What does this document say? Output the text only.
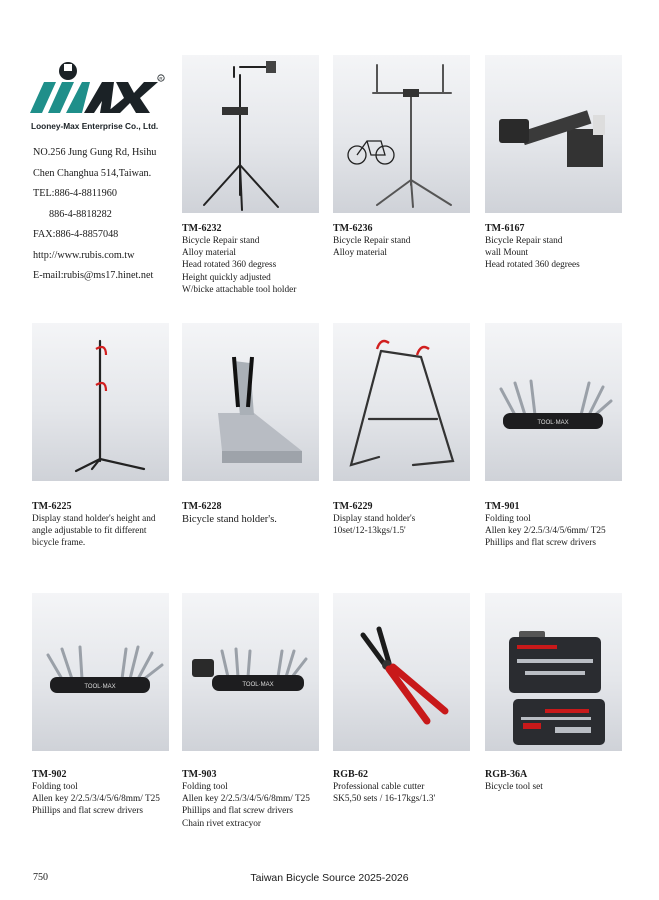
R
Looney-Max Enterprise Co., Ltd.
NO.256 Jung Gung Rd, Hsihu
Chen Changhua 514,Taiwan.
TEL:886-4-8811960
886-4-8818282
FAX:886-4-8857048
http://www.rubis.com.tw
E-mail:rubis@ms17.hinet.net
TM-6232
Bicycle Repair stand
Alloy material
Head rotated 360 degress
Height quickly adjusted
W/bicke attachable tool holder
TM-6236
Bicycle Repair stand
Alloy material
TM-6167
Bicycle Repair stand
wall Mount
Head rotated 360 degrees
TOOL·MAX
TM-6225
Display stand holder's height and
angle adjustable to fit different
bicycle frame.
TM-6228
Bicycle stand holder's.
TM-6229
Display stand holder's
10set/12-13kgs/1.5'
TM-901
Folding tool
Allen key 2/2.5/3/4/5/6mm/ T25
Phillips and flat screw drivers
TOOL·MAX	TOOL·MAX
TM-902
Folding tool
Allen key 2/2.5/3/4/5/6/8mm/ T25
Phillips and flat screw drivers
TM-903
Folding tool
Allen key 2/2.5/3/4/5/6/8mm/ T25
Phillips and flat screw drivers
Chain rivet extracyor
RGB-62
Professional cable cutter
SK5,50 sets / 16-17kgs/1.3'
RGB-36A
Bicycle tool set
750	Taiwan Bicycle Source 2025-2026
